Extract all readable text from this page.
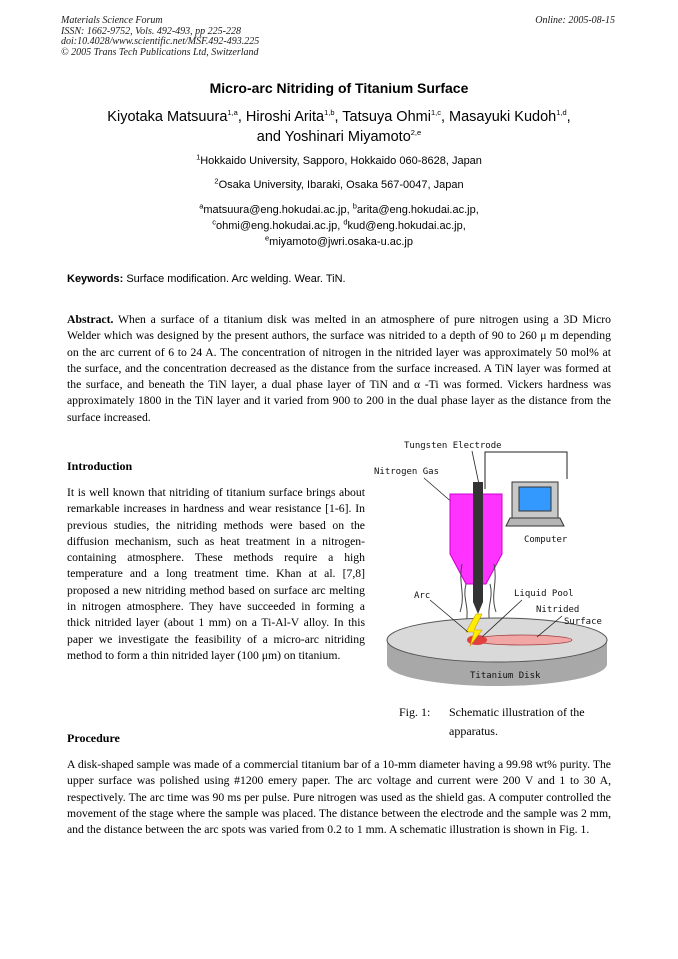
Materials Science Forum
ISSN: 1662-9752, Vols. 492-493, pp 225-228
doi:10.4028/www.scientific.net/MSF.492-493.225
© 2005 Trans Tech Publications Ltd, Switzerland
Online: 2005-08-15
Micro-arc Nitriding of Titanium Surface
Kiyotaka Matsuura$^{1,a}$, Hiroshi Arita$^{1,b}$, Tatsuya Ohmi$^{1,c}$, Masayuki Kudoh$^{1,d}$,
and Yoshinari Miyamoto$^{2,e}$
$^1$Hokkaido University, Sapporo, Hokkaido 060-8628, Japan
$^2$Osaka University, Ibaraki, Osaka 567-0047, Japan
$^a$matsuura@eng.hokudai.ac.jp, $^b$arita@eng.hokudai.ac.jp,
$^c$ohmi@eng.hokudai.ac.jp, $^d$kud@eng.hokudai.ac.jp,
$^e$miyamoto@jwri.osaka-u.ac.jp
Keywords: Surface modification. Arc welding. Wear. TiN.
Abstract. When a surface of a titanium disk was melted in an atmosphere of pure nitrogen using a 3D Micro Welder which was designed by the present authors, the surface was nitrided to a depth of 90 to 260 μ m depending on the arc current of 6 to 24 A. The concentration of nitrogen in the nitrided layer was approximately 50 mol% at the surface, and the concentration decreased as the distance from the surface increased. A TiN layer was formed at the surface, and beneath the TiN layer, a dual phase layer of TiN and α -Ti was formed. Vickers hardness was approximately 1800 in the TiN layer and it varied from 900 to 200 in the dual phase layer as the distance from the surface increased.
Introduction
It is well known that nitriding of titanium surface brings about remarkable increases in hardness and wear resistance [1-6]. In previous studies, the nitriding methods were based on the diffusion mechanism, such as heat treatment in a nitrogen-containing atmosphere. These methods require a high temperature and a long treatment time. Khan at al. [7,8] proposed a new nitriding method based on surface arc melting in nitrogen atmosphere. They have succeeded in forming a thick nitrided layer (about 1 mm) on a Ti-Al-V alloy. In this paper we investigate the feasibility of a micro-arc nitriding method to form a thin nitrided layer (100 μm) on titanium.
Computer
Tungsten Electrode
Nitrogen Gas
Arc	Liquid Pool
Nitrided
Surface
Titanium Disk
Fig. 1: Schematic illustration of the apparatus.
Procedure
A disk-shaped sample was made of a commercial titanium bar of a 10-mm diameter having a 99.98 wt% purity. The upper surface was polished using #1200 emery paper. The arc voltage and current were 200 V and 1 to 30 A, respectively. The arc time was 90 ms per pulse. Pure nitrogen was used as the shield gas. A computer controlled the movement of the stage where the sample was placed. The distance between the electrode and the sample was 2 mm, and the distance between the arc spots was varied from 0.2 to 1 mm. A schematic illustration is shown in Fig. 1.
